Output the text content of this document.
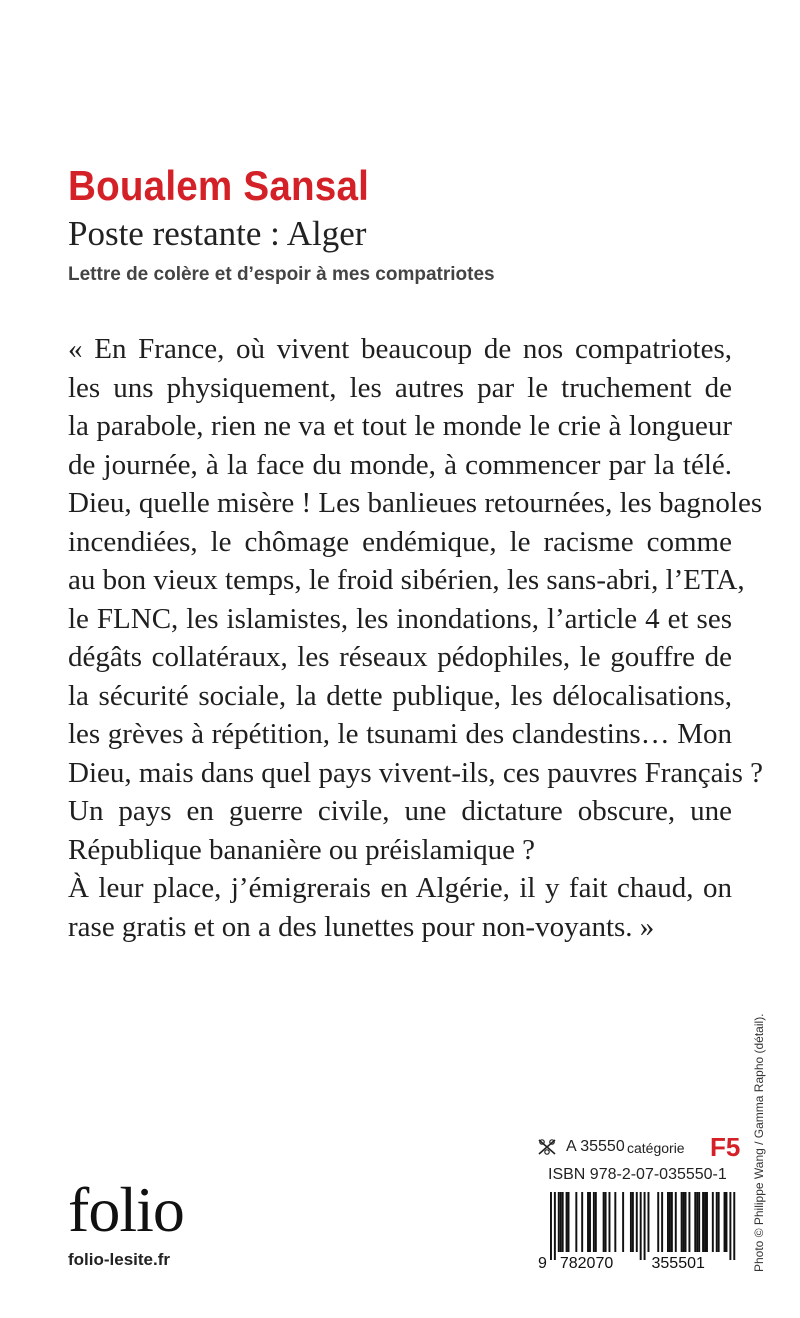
Boualem Sansal
Poste restante : Alger
Lettre de colère et d’espoir à mes compatriotes
« En France, où vivent beaucoup de nos compatriotes,
les uns physiquement, les autres par le truchement de
la parabole, rien ne va et tout le monde le crie à longueur
de journée, à la face du monde, à commencer par la télé.
Dieu, quelle misère ! Les banlieues retournées, les bagnoles
incendiées, le chômage endémique, le racisme comme
au bon vieux temps, le froid sibérien, les sans-abri, l’ETA,
le FLNC, les islamistes, les inondations, l’article 4 et ses
dégâts collatéraux, les réseaux pédophiles, le gouffre de
la sécurité sociale, la dette publique, les délocalisations,
les grèves à répétition, le tsunami des clandestins… Mon
Dieu, mais dans quel pays vivent-ils, ces pauvres Français ?
Un pays en guerre civile, une dictature obscure, une
République bananière ou préislamique ?
À leur place, j’émigrerais en Algérie, il y fait chaud, on
rase gratis et on a des lunettes pour non-voyants. »
Photo © Philippe Wang / Gamma Rapho (détail).
folio
folio-lesite.fr
A 35550 catégorie F5
ISBN 978-2-07-035550-1
9 782070 355501
